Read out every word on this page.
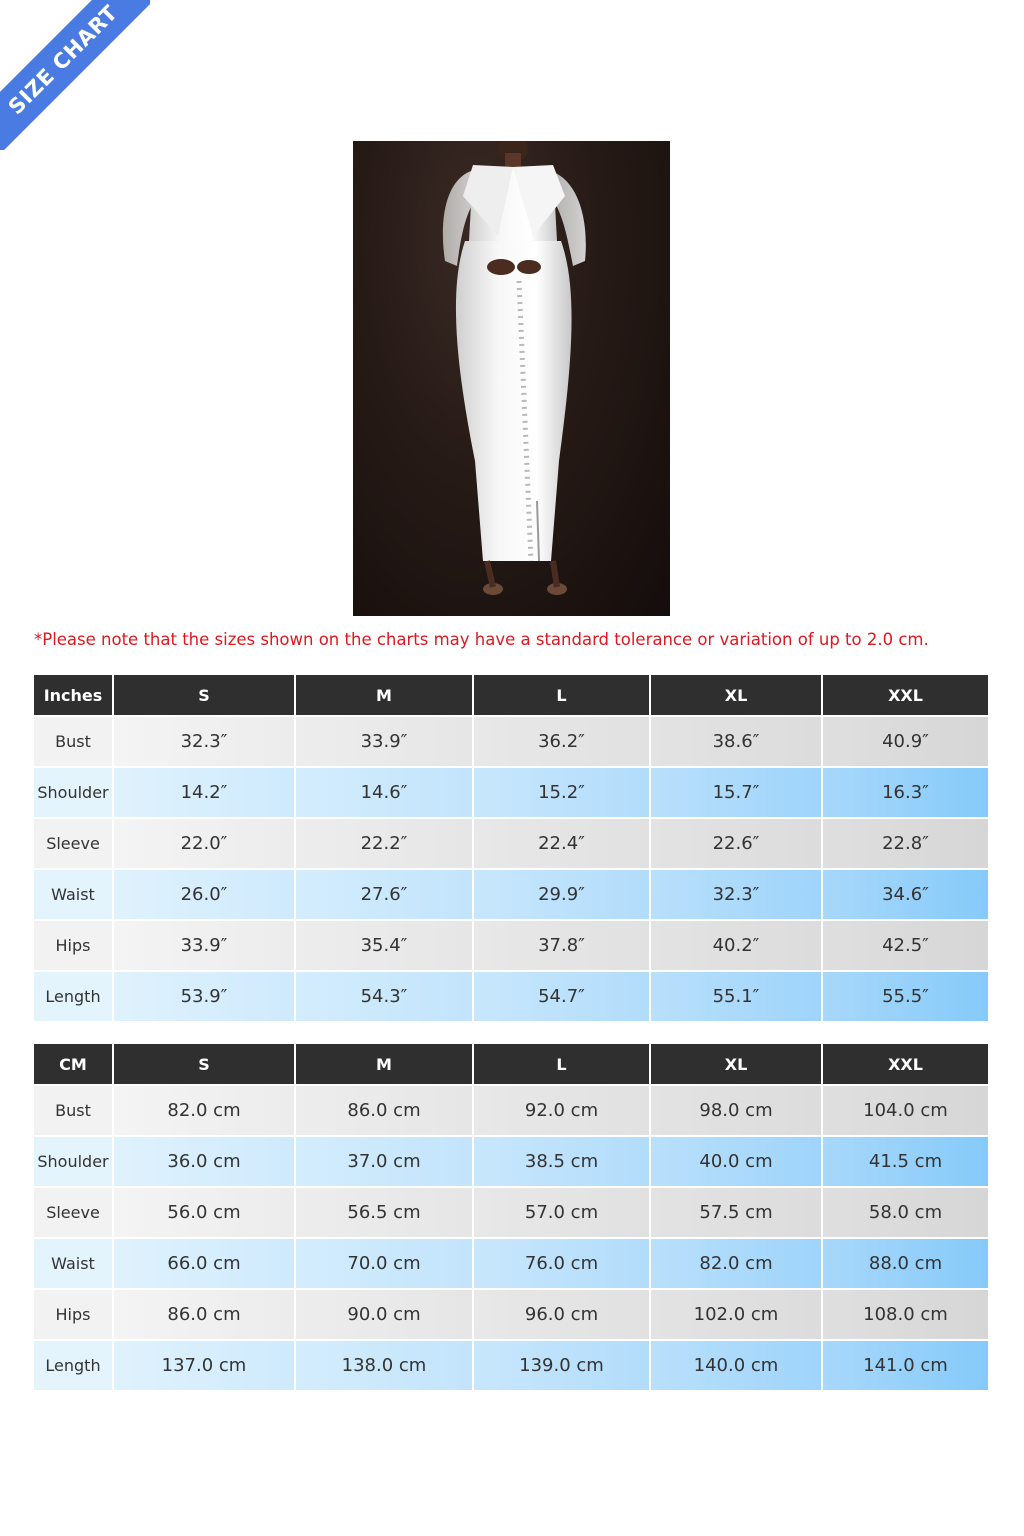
SIZE CHART
*Please note that the sizes shown on the charts may have a standard tolerance or variation of up to 2.0 cm.
Inches	S	M	L	XL	XXL
Bust	32.3″	33.9″	36.2″	38.6″	40.9″
Shoulder	14.2″	14.6″	15.2″	15.7″	16.3″
Sleeve	22.0″	22.2″	22.4″	22.6″	22.8″
Waist	26.0″	27.6″	29.9″	32.3″	34.6″
Hips	33.9″	35.4″	37.8″	40.2″	42.5″
Length	53.9″	54.3″	54.7″	55.1″	55.5″
CM	S	M	L	XL	XXL
Bust	82.0 cm	86.0 cm	92.0 cm	98.0 cm	104.0 cm
Shoulder	36.0 cm	37.0 cm	38.5 cm	40.0 cm	41.5 cm
Sleeve	56.0 cm	56.5 cm	57.0 cm	57.5 cm	58.0 cm
Waist	66.0 cm	70.0 cm	76.0 cm	82.0 cm	88.0 cm
Hips	86.0 cm	90.0 cm	96.0 cm	102.0 cm	108.0 cm
Length	137.0 cm	138.0 cm	139.0 cm	140.0 cm	141.0 cm
